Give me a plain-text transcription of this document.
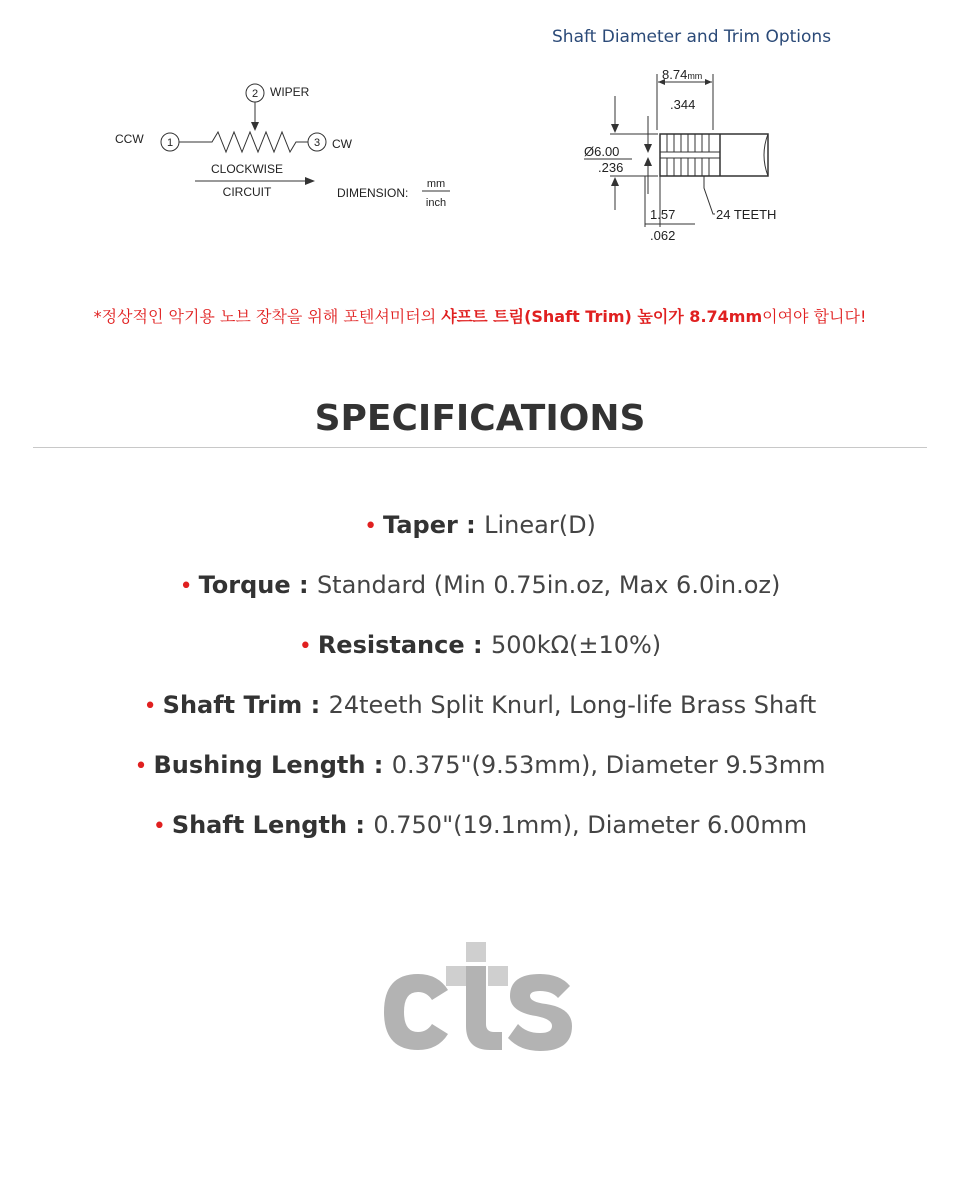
2 WIPER
CCW 1	3 CW
CLOCKWISE
CIRCUIT	DIMENSION:
mm
inch
Shaft Diameter and Trim Options
8.74mm
.344
Ø6.00
.236
1.57
.062
24 TEETH
*정상적인 악기용 노브 장착을 위해 포텐셔미터의 샤프트 트림(Shaft Trim) 높이가 8.74mm이여야 합니다!
SPECIFICATIONS
• Taper : Linear(D)
• Torque : Standard (Min 0.75in.oz, Max 6.0in.oz)
• Resistance : 500kΩ(±10%)
• Shaft Trim : 24teeth Split Knurl, Long-life Brass Shaft
• Bushing Length : 0.375"(9.53mm), Diameter 9.53mm
• Shaft Length : 0.750"(19.1mm), Diameter 6.00mm
